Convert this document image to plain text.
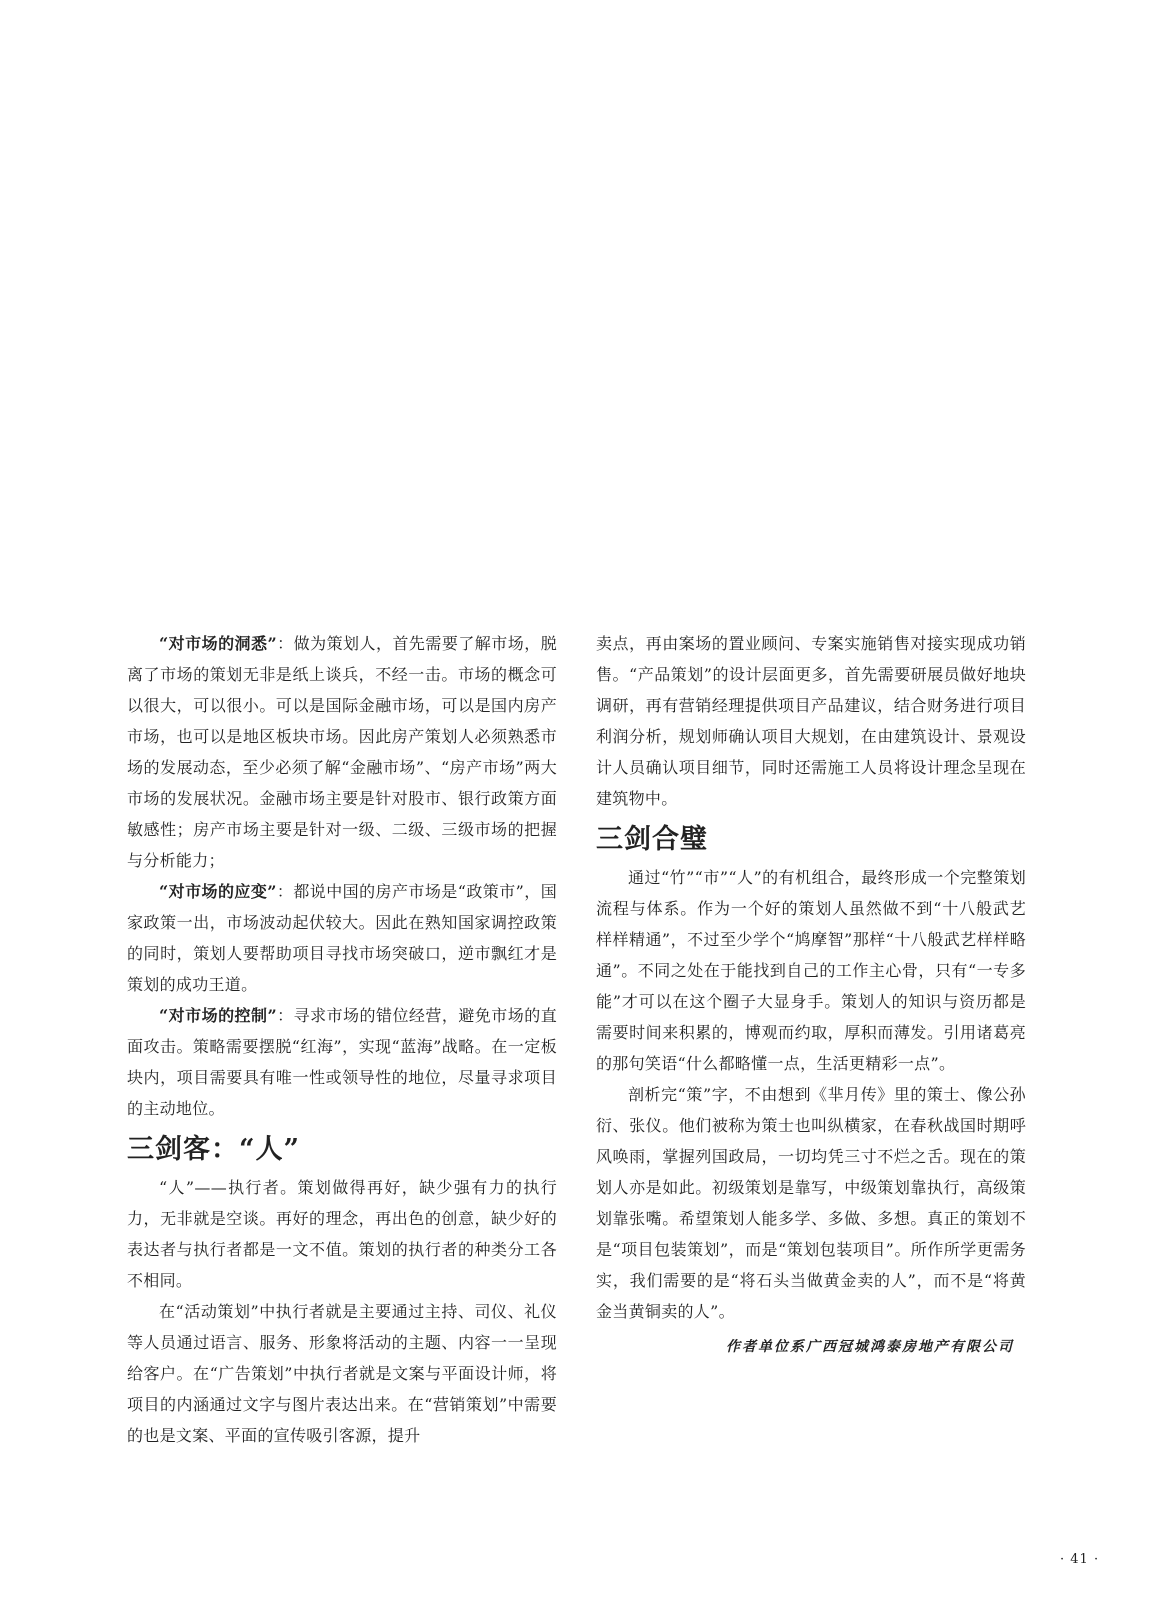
“对市场的洞悉”：做为策划人，首先需要了解市场，脱离了市场的策划无非是纸上谈兵，不经一击。市场的概念可以很大，可以很小。可以是国际金融市场，可以是国内房产市场，也可以是地区板块市场。因此房产策划人必须熟悉市场的发展动态，至少必须了解“金融市场”、“房产市场”两大市场的发展状况。金融市场主要是针对股市、银行政策方面敏感性；房产市场主要是针对一级、二级、三级市场的把握与分析能力；

“对市场的应变”：都说中国的房产市场是“政策市”，国家政策一出，市场波动起伏较大。因此在熟知国家调控政策的同时，策划人要帮助项目寻找市场突破口，逆市飘红才是策划的成功王道。

“对市场的控制”：寻求市场的错位经营，避免市场的直面攻击。策略需要摆脱“红海”，实现“蓝海”战略。在一定板块内，项目需要具有唯一性或领导性的地位，尽量寻求项目的主动地位。

三剑客：“人”

“人”——执行者。策划做得再好，缺少强有力的执行力，无非就是空谈。再好的理念，再出色的创意，缺少好的表达者与执行者都是一文不值。策划的执行者的种类分工各不相同。

在“活动策划”中执行者就是主要通过主持、司仪、礼仪等人员通过语言、服务、形象将活动的主题、内容一一呈现给客户。在“广告策划”中执行者就是文案与平面设计师，将项目的内涵通过文字与图片表达出来。在“营销策划”中需要的也是文案、平面的宣传吸引客源，提升

卖点，再由案场的置业顾问、专案实施销售对接实现成功销售。“产品策划”的设计层面更多，首先需要研展员做好地块调研，再有营销经理提供项目产品建议，结合财务进行项目利润分析，规划师确认项目大规划，在由建筑设计、景观设计人员确认项目细节，同时还需施工人员将设计理念呈现在建筑物中。

三剑合璧

通过“竹”“市”“人”的有机组合，最终形成一个完整策划流程与体系。作为一个好的策划人虽然做不到“十八般武艺样样精通”，不过至少学个“鸠摩智”那样“十八般武艺样样略通”。不同之处在于能找到自己的工作主心骨，只有“一专多能”才可以在这个圈子大显身手。策划人的知识与资历都是需要时间来积累的，博观而约取，厚积而薄发。引用诸葛亮的那句笑语“什么都略懂一点，生活更精彩一点”。

剖析完“策”字，不由想到《芈月传》里的策士、像公孙衍、张仪。他们被称为策士也叫纵横家，在春秋战国时期呼风唤雨，掌握列国政局，一切均凭三寸不烂之舌。现在的策划人亦是如此。初级策划是靠写，中级策划靠执行，高级策划靠张嘴。希望策划人能多学、多做、多想。真正的策划不是“项目包装策划”，而是“策划包装项目”。所作所学更需务实，我们需要的是“将石头当做黄金卖的人”，而不是“将黄金当黄铜卖的人”。

作者单位系广西冠城鸿泰房地产有限公司
· 41 ·
